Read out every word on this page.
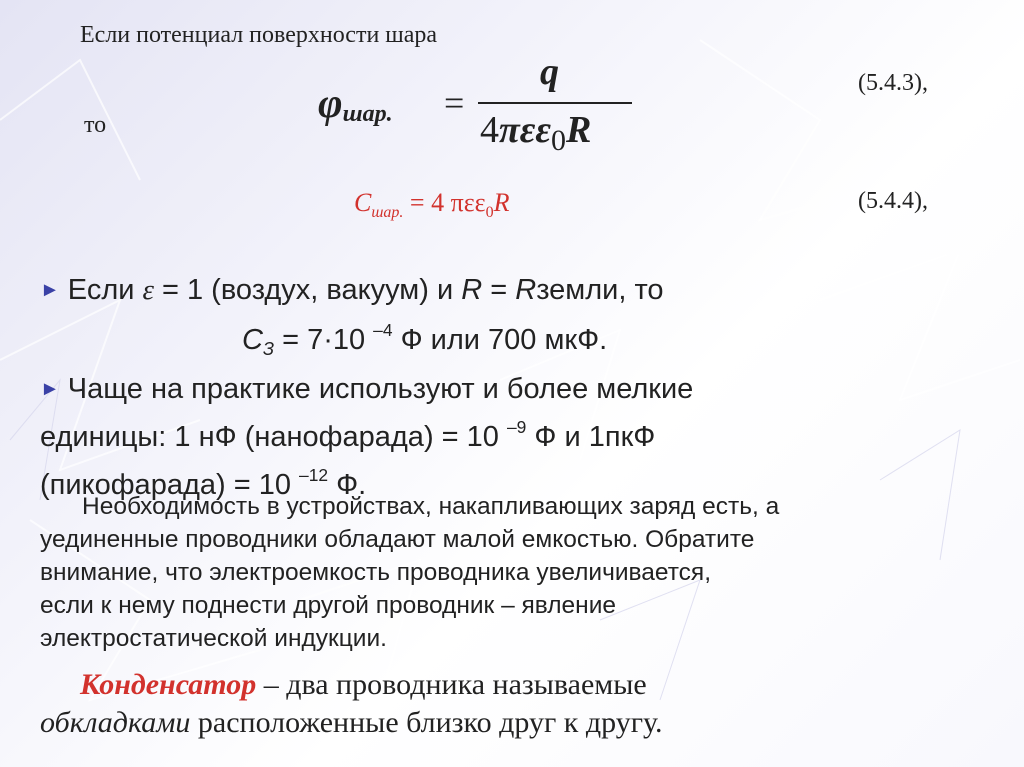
Если потенциал поверхности шара
то	φшар. =
q
4πεε$_0$R
(5.4.3),
$C_{шар.} = 4$ πεε$_0$R	(5.4.4),
► Если ε = 1 (воздух, вакуум) и R = Rземли, то
$C_З = 7\cdot 10$ $^{-4}$ Ф или 700 мкФ.
► Чаще на практике используют и более мелкие
единицы: 1 нФ (нанофарада) = 10 $^{-9}$ Ф и 1пкФ
(пикофарада) = 10 $^{-12}$ Ф.
Необходимость в устройствах, накапливающих заряд есть, а
уединенные проводники обладают малой емкостью. Обратите
внимание, что электроемкость проводника увеличивается,
если к нему поднести другой проводник – явление
электростатической индукции.
Конденсатор – два проводника называемые
обкладками расположенные близко друг к другу.
